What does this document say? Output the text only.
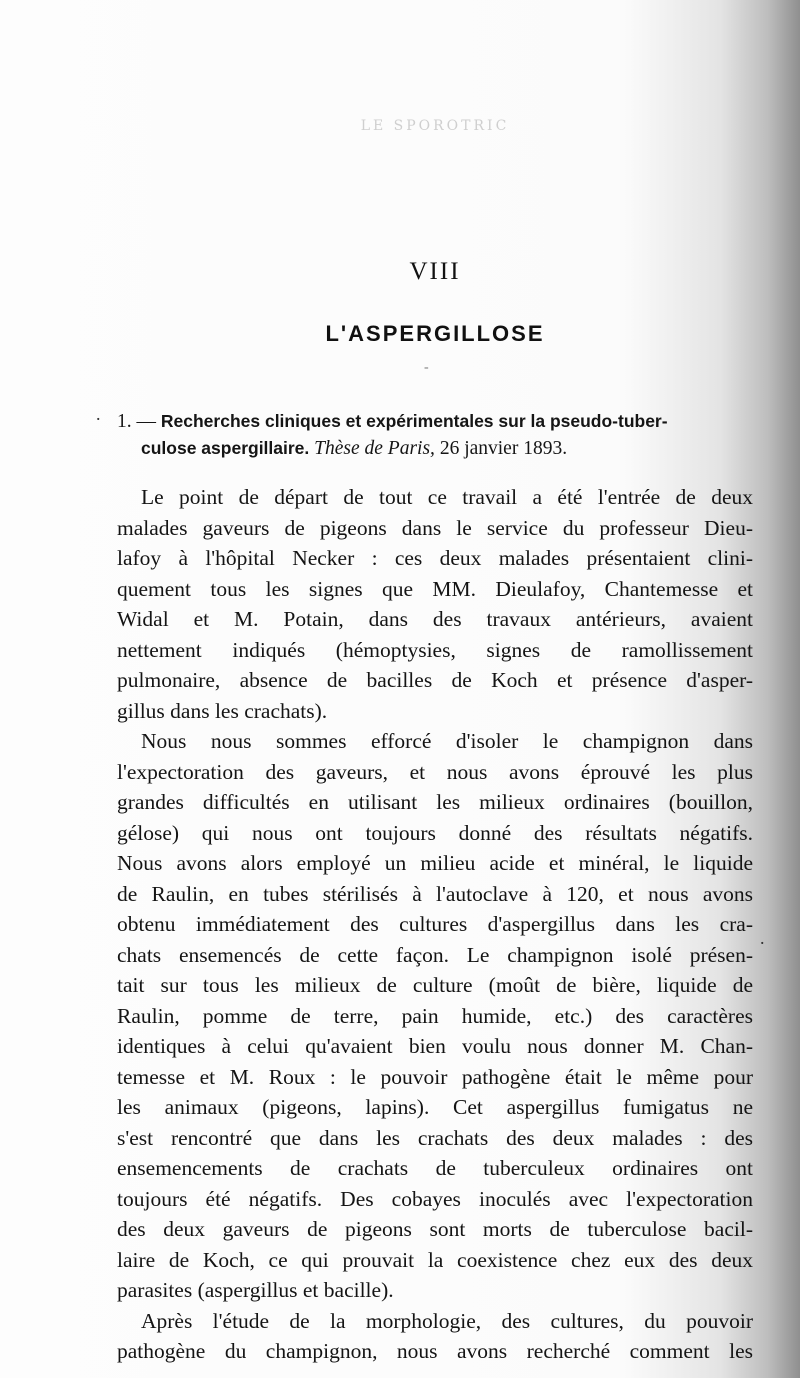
LE SPOROTRIC
VIII
L'ASPERGILLOSE
-
.
.
1. — Recherches cliniques et expérimentales sur la pseudo-tuber-
culose aspergillaire. Thèse de Paris, 26 janvier 1893.
Le point de départ de tout ce travail a été l'entrée de deux
malades gaveurs de pigeons dans le service du professeur Dieu-
lafoy à l'hôpital Necker : ces deux malades présentaient clini-
quement tous les signes que MM. Dieulafoy, Chantemesse et
Widal et M. Potain, dans des travaux antérieurs, avaient
nettement indiqués (hémoptysies, signes de ramollissement
pulmonaire, absence de bacilles de Koch et présence d'asper-
gillus dans les crachats).
Nous nous sommes efforcé d'isoler le champignon dans
l'expectoration des gaveurs, et nous avons éprouvé les plus
grandes difficultés en utilisant les milieux ordinaires (bouillon,
gélose) qui nous ont toujours donné des résultats négatifs.
Nous avons alors employé un milieu acide et minéral, le liquide
de Raulin, en tubes stérilisés à l'autoclave à 120, et nous avons
obtenu immédiatement des cultures d'aspergillus dans les cra-
chats ensemencés de cette façon. Le champignon isolé présen-
tait sur tous les milieux de culture (moût de bière, liquide de
Raulin, pomme de terre, pain humide, etc.) des caractères
identiques à celui qu'avaient bien voulu nous donner M. Chan-
temesse et M. Roux : le pouvoir pathogène était le même pour
les animaux (pigeons, lapins). Cet aspergillus fumigatus ne
s'est rencontré que dans les crachats des deux malades : des
ensemencements de crachats de tuberculeux ordinaires ont
toujours été négatifs. Des cobayes inoculés avec l'expectoration
des deux gaveurs de pigeons sont morts de tuberculose bacil-
laire de Koch, ce qui prouvait la coexistence chez eux des deux
parasites (aspergillus et bacille).
Après l'étude de la morphologie, des cultures, du pouvoir
pathogène du champignon, nous avons recherché comment les
